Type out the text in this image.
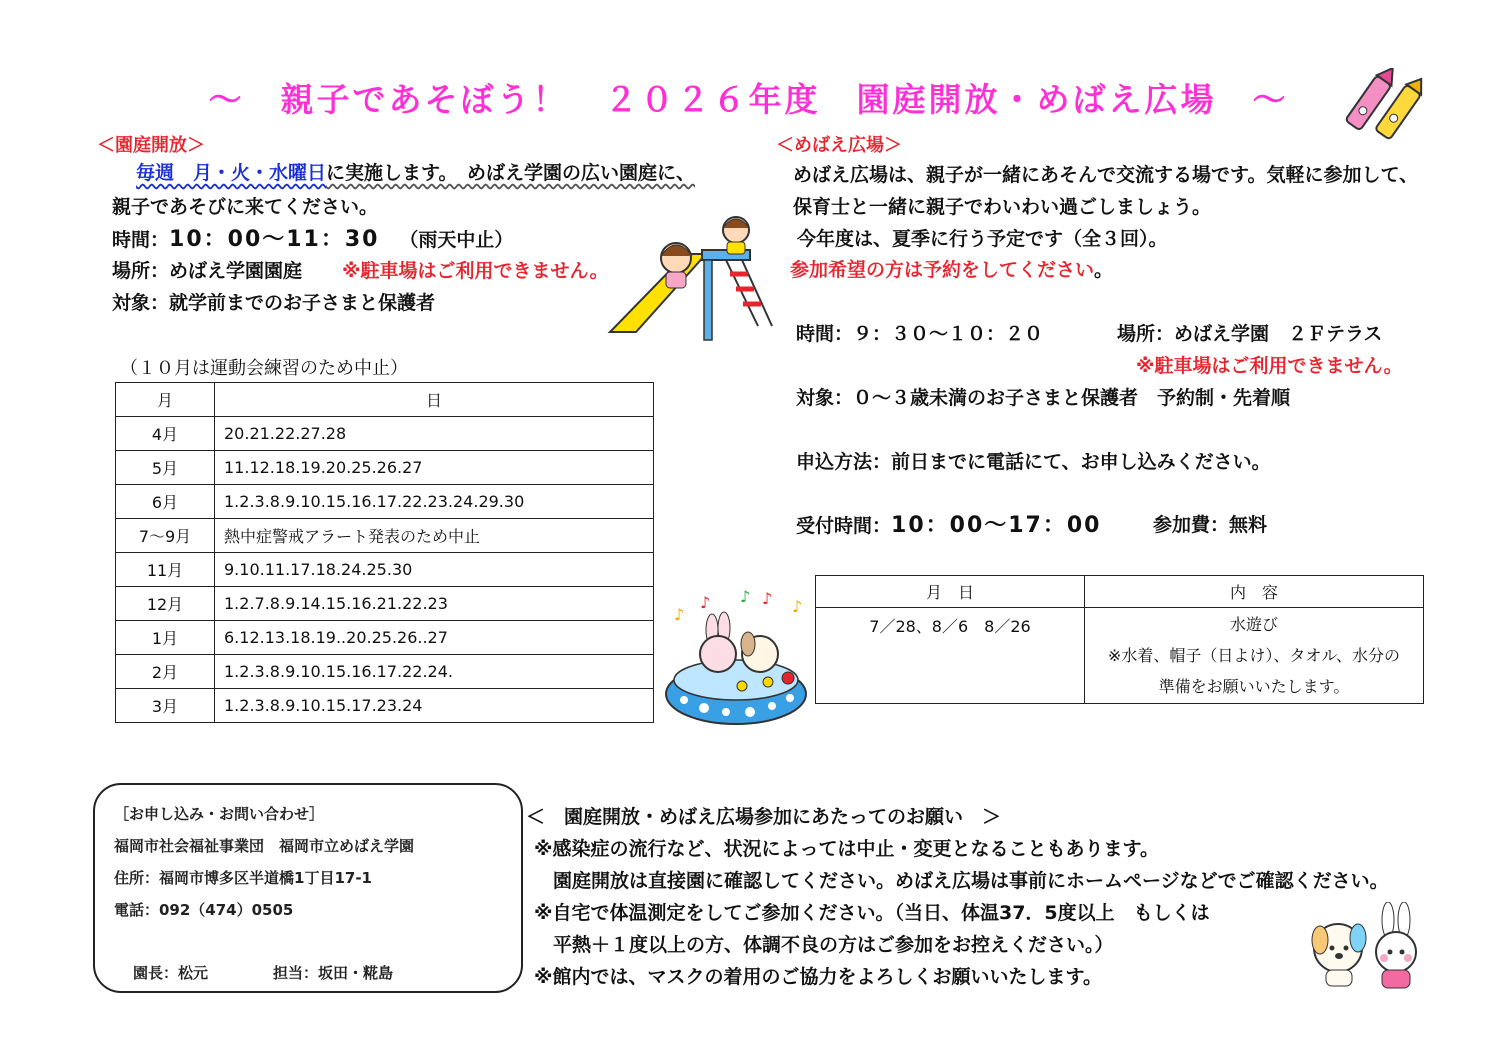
～　親子であそぼう！　２０２６年度　園庭開放・めばえ広場　～
＜園庭開放＞
毎週　月・火・水曜日に実施します。　めばえ学園の広い園庭に、
親子であそびに来てください。
時間：10：00～11：30 （雨天中止）
場所：めばえ学園園庭 ※駐車場はご利用できません。
対象：就学前までのお子さまと保護者
（１０月は運動会練習のため中止）
月	日
4月	20.21.22.27.28
5月	11.12.18.19.20.25.26.27
6月	1.2.3.8.9.10.15.16.17.22.23.24.29.30
7～9月	熱中症警戒アラート発表のため中止
11月	9.10.11.17.18.24.25.30
12月	1.2.7.8.9.14.15.16.21.22.23
1月	6.12.13.18.19..20.25.26..27
2月	1.2.3.8.9.10.15.16.17.22.24.
3月	1.2.3.8.9.10.15.17.23.24
♪
♪ ♪ ♪ ♪
＜めばえ広場＞
めばえ広場は、親子が一緒にあそんで交流する場です。気軽に参加して、
保育士と一緒に親子でわいわい過ごしましょう。
今年度は、夏季に行う予定です（全３回）。
参加希望の方は予約をしてください。
時間：９：３０～１０：２０	場所：めばえ学園　２Ｆテラス
※駐車場はご利用できません。
対象：０～３歳未満のお子さまと保護者　予約制・先着順
申込方法：前日までに電話にて、お申し込みください。
受付時間：10：00～17：00	参加費：無料
月　日	内　容
7／28、8／6　8／26	水遊び
※水着、帽子（日よけ）、タオル、水分の
準備をお願いいたします。
［お申し込み・お問い合わせ］
福岡市社会福祉事業団　福岡市立めばえ学園
住所：福岡市博多区半道橋1丁目17-1
電話：092（474）0505
園長：松元	担当：坂田・糀島
＜　園庭開放・めばえ広場参加にあたってのお願い　＞
※感染症の流行など、状況によっては中止・変更となることもあります。
　園庭開放は直接園に確認してください。めばえ広場は事前にホームページなどでご確認ください。
※自宅で体温測定をしてご参加ください。（当日、体温37．5度以上　もしくは
　平熱＋１度以上の方、体調不良の方はご参加をお控えください。）
※館内では、マスクの着用のご協力をよろしくお願いいたします。
